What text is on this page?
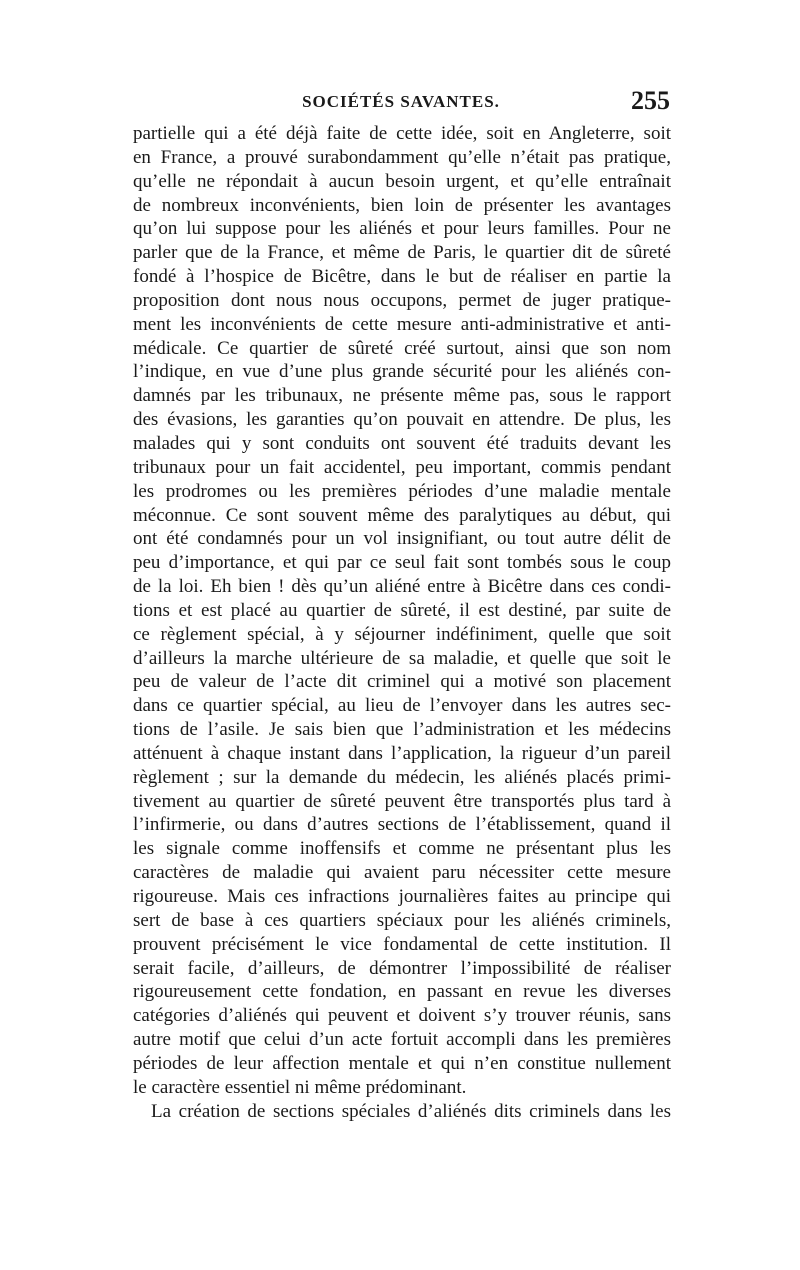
SOCIÉTÉS SAVANTES.	255
partielle qui a été déjà faite de cette idée, soit en Angleterre, soit
en France, a prouvé surabondamment qu’elle n’était pas pratique,
qu’elle ne répondait à aucun besoin urgent, et qu’elle entraînait
de nombreux inconvénients, bien loin de présenter les avantages
qu’on lui suppose pour les aliénés et pour leurs familles. Pour ne
parler que de la France, et même de Paris, le quartier dit de sûreté
fondé à l’hospice de Bicêtre, dans le but de réaliser en partie la
proposition dont nous nous occupons, permet de juger pratique-
ment les inconvénients de cette mesure anti-administrative et anti-
médicale. Ce quartier de sûreté créé surtout, ainsi que son nom
l’indique, en vue d’une plus grande sécurité pour les aliénés con-
damnés par les tribunaux, ne présente même pas, sous le rapport
des évasions, les garanties qu’on pouvait en attendre. De plus, les
malades qui y sont conduits ont souvent été traduits devant les
tribunaux pour un fait accidentel, peu important, commis pendant
les prodromes ou les premières périodes d’une maladie mentale
méconnue. Ce sont souvent même des paralytiques au début, qui
ont été condamnés pour un vol insignifiant, ou tout autre délit de
peu d’importance, et qui par ce seul fait sont tombés sous le coup
de la loi. Eh bien ! dès qu’un aliéné entre à Bicêtre dans ces condi-
tions et est placé au quartier de sûreté, il est destiné, par suite de
ce règlement spécial, à y séjourner indéfiniment, quelle que soit
d’ailleurs la marche ultérieure de sa maladie, et quelle que soit le
peu de valeur de l’acte dit criminel qui a motivé son placement
dans ce quartier spécial, au lieu de l’envoyer dans les autres sec-
tions de l’asile. Je sais bien que l’administration et les médecins
atténuent à chaque instant dans l’application, la rigueur d’un pareil
règlement ; sur la demande du médecin, les aliénés placés primi-
tivement au quartier de sûreté peuvent être transportés plus tard à
l’infirmerie, ou dans d’autres sections de l’établissement, quand il
les signale comme inoffensifs et comme ne présentant plus les
caractères de maladie qui avaient paru nécessiter cette mesure
rigoureuse. Mais ces infractions journalières faites au principe qui
sert de base à ces quartiers spéciaux pour les aliénés criminels,
prouvent précisément le vice fondamental de cette institution. Il
serait facile, d’ailleurs, de démontrer l’impossibilité de réaliser
rigoureusement cette fondation, en passant en revue les diverses
catégories d’aliénés qui peuvent et doivent s’y trouver réunis, sans
autre motif que celui d’un acte fortuit accompli dans les premières
périodes de leur affection mentale et qui n’en constitue nullement
le caractère essentiel ni même prédominant.
La création de sections spéciales d’aliénés dits criminels dans les
